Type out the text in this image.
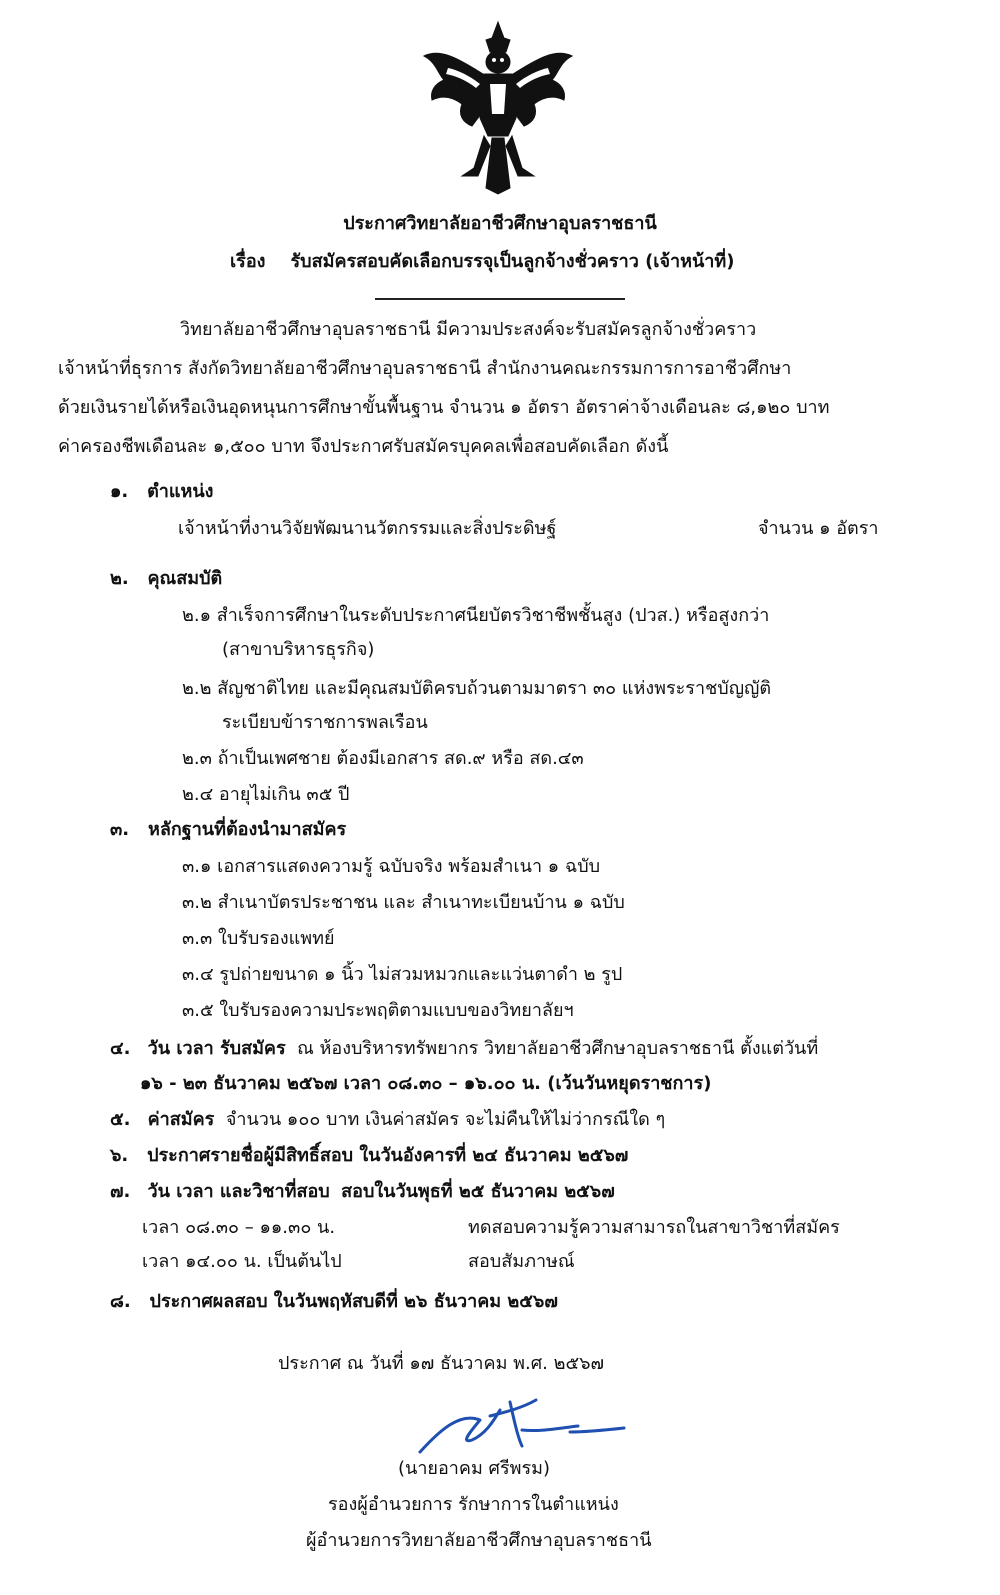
ประกาศวิทยาลัยอาชีวศึกษาอุบลราชธานี
เรื่อง รับสมัครสอบคัดเลือกบรรจุเป็นลูกจ้างชั่วคราว (เจ้าหน้าที่)
วิทยาลัยอาชีวศึกษาอุบลราชธานี มีความประสงค์จะรับสมัครลูกจ้างชั่วคราว
เจ้าหน้าที่ธุรการ สังกัดวิทยาลัยอาชีวศึกษาอุบลราชธานี สำนักงานคณะกรรมการการอาชีวศึกษา
ด้วยเงินรายได้หรือเงินอุดหนุนการศึกษาขั้นพื้นฐาน จำนวน ๑ อัตรา อัตราค่าจ้างเดือนละ ๘,๑๒๐ บาท
ค่าครองชีพเดือนละ ๑,๕๐๐ บาท จึงประกาศรับสมัครบุคคลเพื่อสอบคัดเลือก ดังนี้
๑. ตำแหน่ง
เจ้าหน้าที่งานวิจัยพัฒนานวัตกรรมและสิ่งประดิษฐ์	จำนวน ๑ อัตรา
๒. คุณสมบัติ
๒.๑ สำเร็จการศึกษาในระดับประกาศนียบัตรวิชาชีพชั้นสูง (ปวส.) หรือสูงกว่า
(สาขาบริหารธุรกิจ)
๒.๒ สัญชาติไทย และมีคุณสมบัติครบถ้วนตามมาตรา ๓๐ แห่งพระราชบัญญัติ
ระเบียบข้าราชการพลเรือน
๒.๓ ถ้าเป็นเพศชาย ต้องมีเอกสาร สด.๙ หรือ สด.๔๓
๒.๔ อายุไม่เกิน ๓๕ ปี
๓. หลักฐานที่ต้องนำมาสมัคร
๓.๑ เอกสารแสดงความรู้ ฉบับจริง พร้อมสำเนา ๑ ฉบับ
๓.๒ สำเนาบัตรประชาชน และ สำเนาทะเบียนบ้าน ๑ ฉบับ
๓.๓ ใบรับรองแพทย์
๓.๔ รูปถ่ายขนาด ๑ นิ้ว ไม่สวมหมวกและแว่นตาดำ ๒ รูป
๓.๕ ใบรับรองความประพฤติตามแบบของวิทยาลัยฯ
๔. วัน เวลา รับสมัคร ณ ห้องบริหารทรัพยากร วิทยาลัยอาชีวศึกษาอุบลราชธานี ตั้งแต่วันที่
๑๖ - ๒๓ ธันวาคม ๒๕๖๗ เวลา ๐๘.๓๐ – ๑๖.๐๐ น. (เว้นวันหยุดราชการ)
๕. ค่าสมัคร จำนวน ๑๐๐ บาท เงินค่าสมัคร จะไม่คืนให้ไม่ว่ากรณีใด ๆ
๖. ประกาศรายชื่อผู้มีสิทธิ์สอบ ในวันอังคารที่ ๒๔ ธันวาคม ๒๕๖๗
๗. วัน เวลา และวิชาที่สอบ สอบในวันพุธที่ ๒๕ ธันวาคม ๒๕๖๗
เวลา ๐๘.๓๐ – ๑๑.๓๐ น.	ทดสอบความรู้ความสามารถในสาขาวิชาที่สมัคร
เวลา ๑๔.๐๐ น. เป็นต้นไป	สอบสัมภาษณ์
๘. ประกาศผลสอบ ในวันพฤหัสบดีที่ ๒๖ ธันวาคม ๒๕๖๗
ประกาศ ณ วันที่ ๑๗ ธันวาคม พ.ศ. ๒๕๖๗
(นายอาคม ศรีพรม)
รองผู้อำนวยการ รักษาการในตำแหน่ง
ผู้อำนวยการวิทยาลัยอาชีวศึกษาอุบลราชธานี
